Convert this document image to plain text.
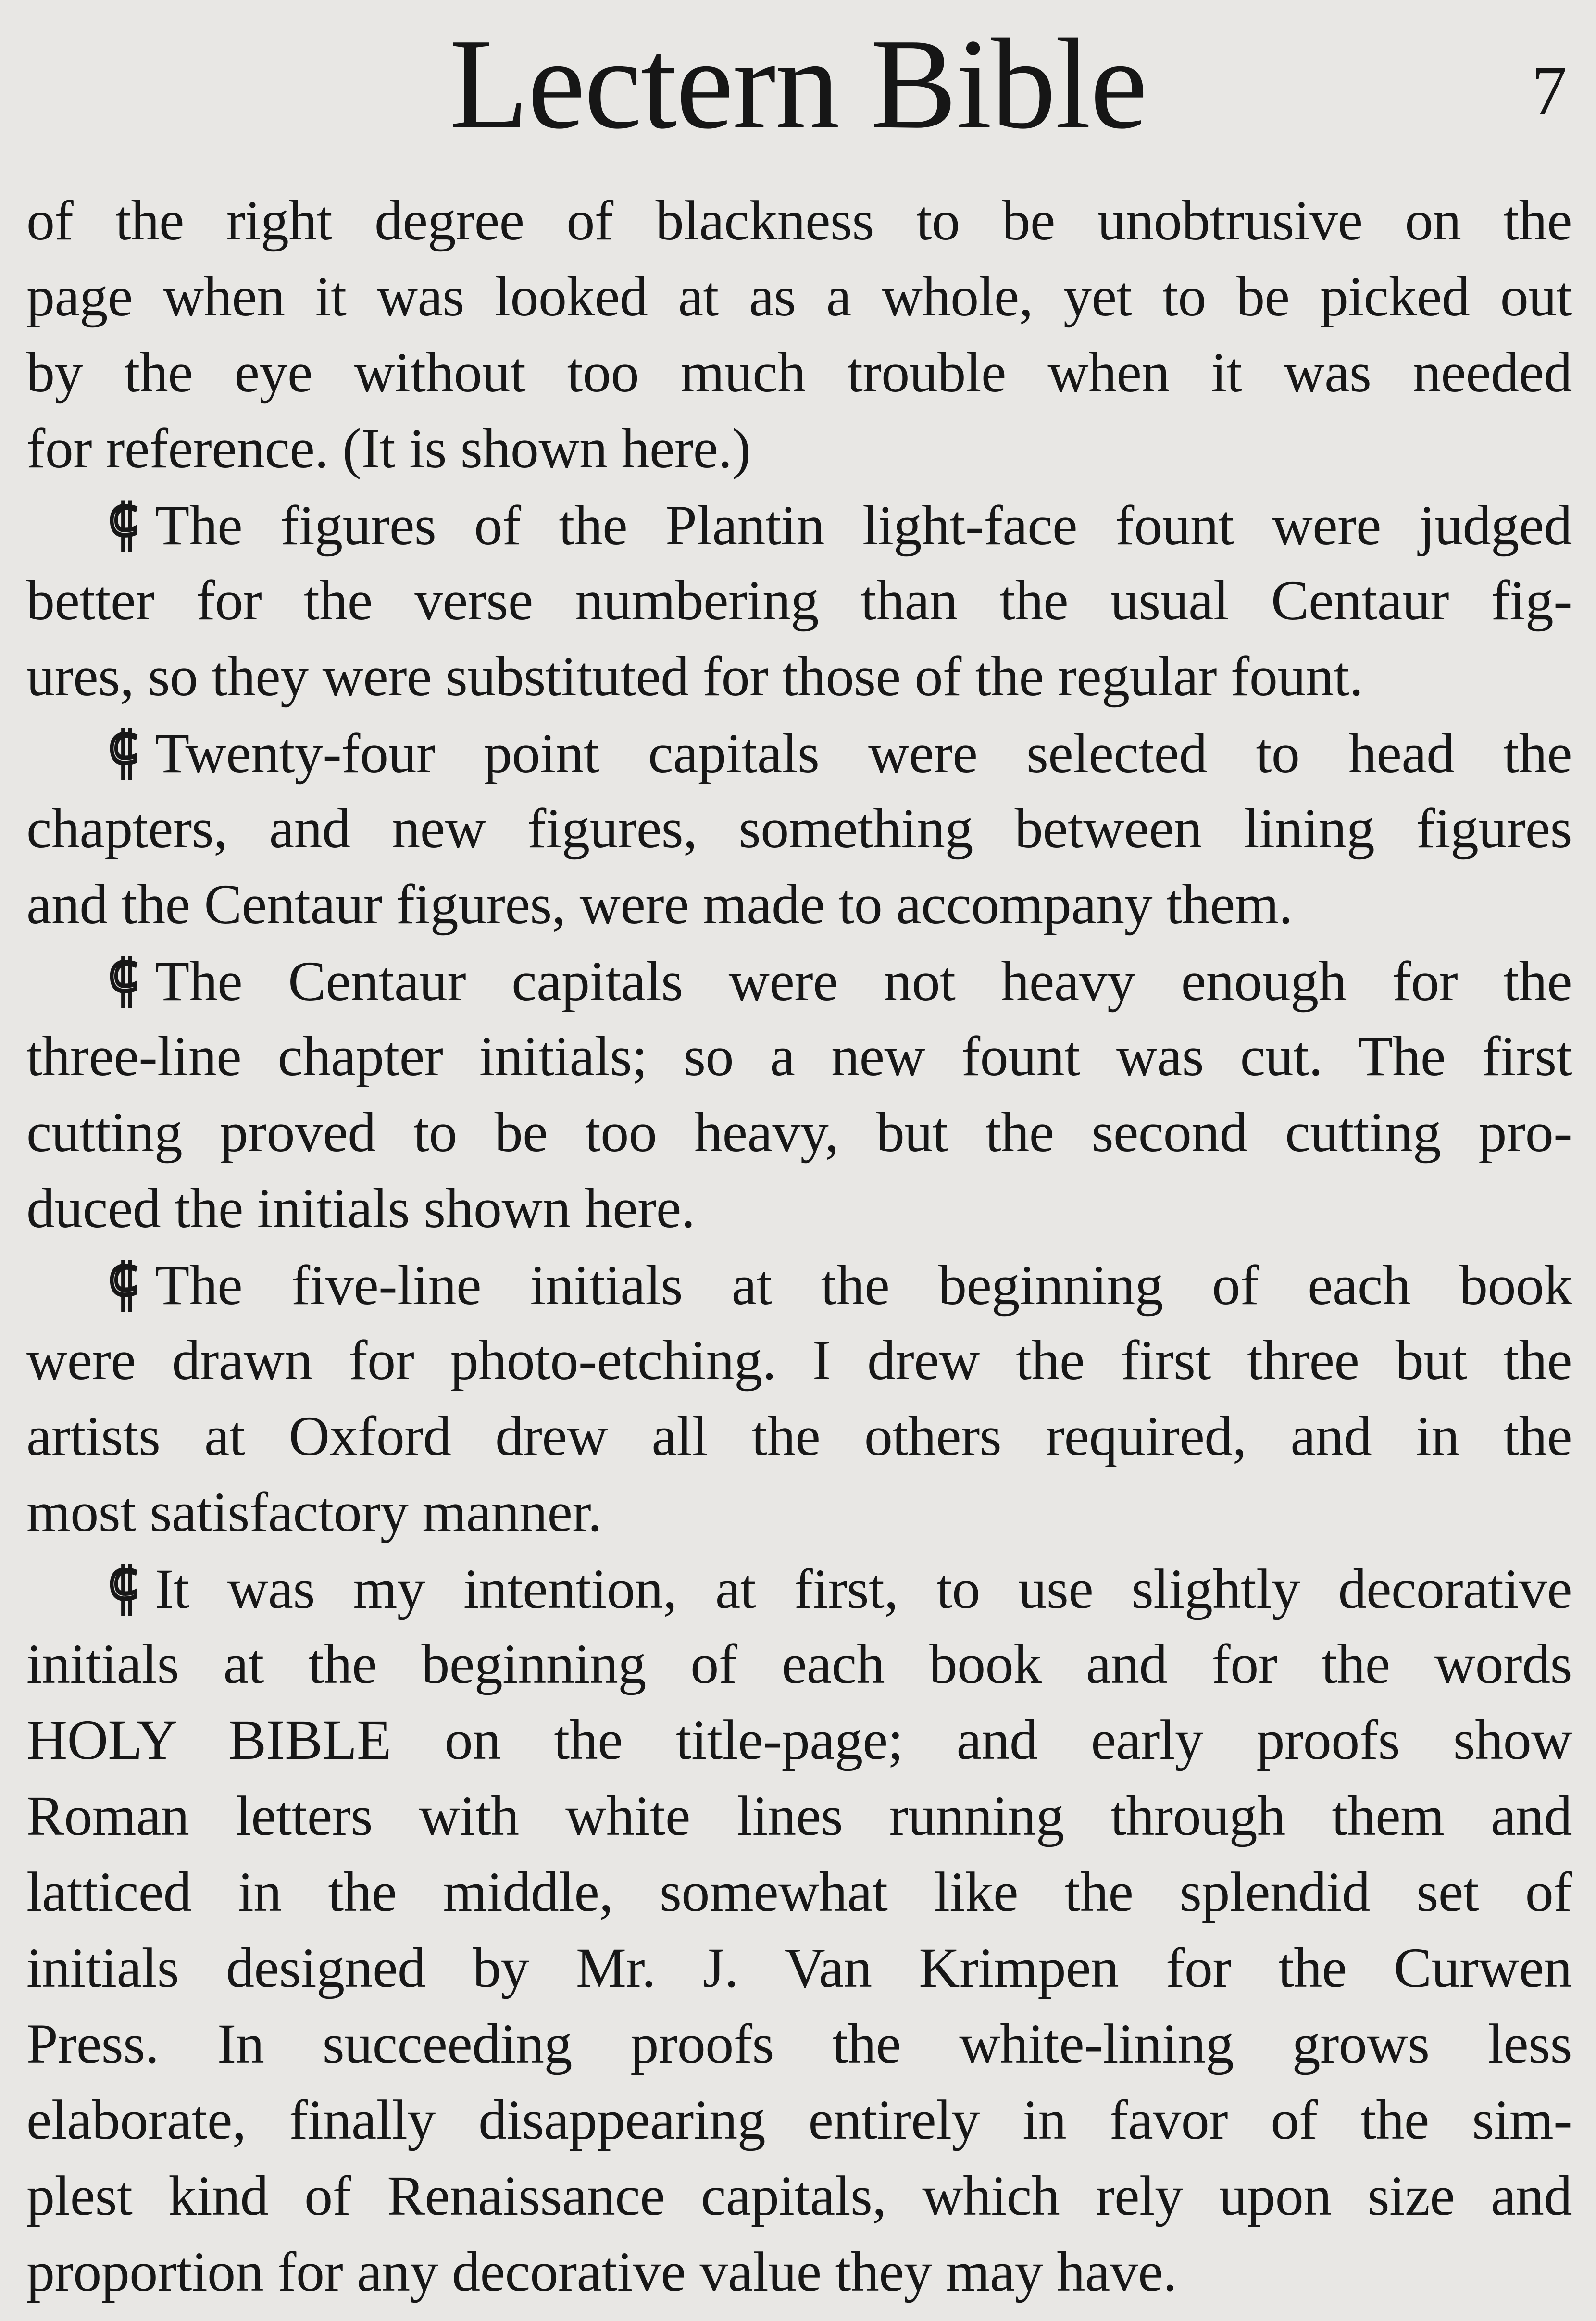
Lectern Bible	7
of the right degree of blackness to be unobtrusive on the
page when it was looked at as a whole, yet to be picked out
by the eye without too much trouble when it was needed
for reference. (It is shown here.)
⸿ The figures of the Plantin light-face fount were judged
better for the verse numbering than the usual Centaur fig-
ures, so they were substituted for those of the regular fount.
⸿ Twenty-four point capitals were selected to head the
chapters, and new figures, something between lining figures
and the Centaur figures, were made to accompany them.
⸿ The Centaur capitals were not heavy enough for the
three-line chapter initials; so a new fount was cut. The first
cutting proved to be too heavy, but the second cutting pro-
duced the initials shown here.
⸿ The five-line initials at the beginning of each book
were drawn for photo-etching. I drew the first three but the
artists at Oxford drew all the others required, and in the
most satisfactory manner.
⸿ It was my intention, at first, to use slightly decorative
initials at the beginning of each book and for the words
HOLY BIBLE on the title-page; and early proofs show
Roman letters with white lines running through them and
latticed in the middle, somewhat like the splendid set of
initials designed by Mr. J. Van Krimpen for the Curwen
Press. In succeeding proofs the white-lining grows less
elaborate, finally disappearing entirely in favor of the sim-
plest kind of Renaissance capitals, which rely upon size and
proportion for any decorative value they may have.
